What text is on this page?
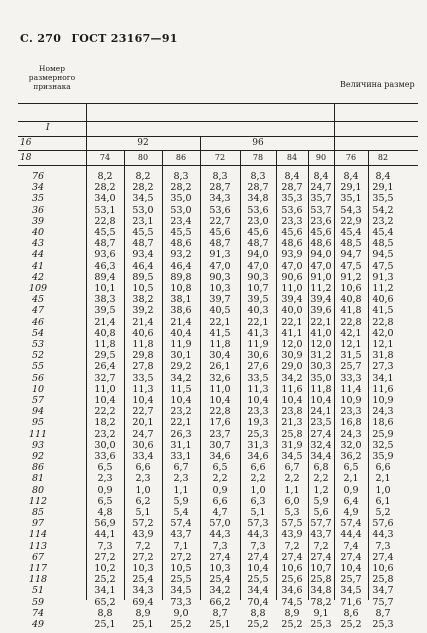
С. 270 ГОСТ 23167—91
Номер размерного признака	Величина размер
I
16
18
92	96
74	80	86	72	78	84 90 76	82
76	8,2 8,2 8,3	8,3 8,3 8,4 8,4 8,4 8,4
34	28,2 28,2 28,2 28,7 28,7 28,7 24,7 29,1 29,1
35	34,0 34,5 35,0 34,3 34,8 35,3 35,7 35,1 35,5
36	53,1 53,0 53,0 53,6 53,6 53,6 53,7 54,3 54,2
39	22,8 23,1 23,4 22,7 23,0 23,3 23,6 22,9 23,2
40	45,5 45,5 45,5 45,6 45,6 45,6 45,6 45,4 45,4
43	48,7 48,7 48,6 48,7 48,7 48,6 48,6 48,5 48,5
44	93,6 93,4 93,2 91,3 94,0 93,9 94,0 94,7 94,5
41	46,3 46,4 46,4 47,0 47,0 47,0 47,0 47,5 47,5
42	89,4 89,5 89,8 90,3 90,3 90,6 91,0 91,2 91,3
109	10,1 10,5 10,8 10,3 10,7 11,0 11,2 10,6 11,2
45	38,3 38,2 38,1 39,7 39,5 39,4 39,4 40,8 40,6
47	39,5 39,2 38,6 40,5 40,3 40,0 39,6 41,8 41,5
46	21,4 21,4 21,4 22,1 22,1 22,1 22,1 22,8 22,8
54	40,8 40,6 40,4 41,5 41,3 41,1 41,0 42,1 42,0
53	11,8 11,8 11,9 11,8 11,9 12,0 12,0 12,1 12,1
52	29,5 29,8 30,1 30,4 30,6 30,9 31,2 31,5 31,8
55	26,4 27,8 29,2 26,1 27,6 29,0 30,3 25,7 27,3
56	32,7 33,5 34,2 32,6 33,5 34,2 35,0 33,3 34,1
10	11,0 11,3 11,5 11,0 11,3 11,6 11,8 11,4 11,6
57	10,4 10,4 10,4 10,4 10,4 10,4 10,4 10,9 10,9
94	22,2 22,7 23,2 22,8 23,3 23,8 24,1 23,3 24,3
95	18,2 20,1 22,1 17,6 19,3 21,3 23,5 16,8 18,6
111	23,2 24,7 26,3 23,7 25,3 25,8 27,4 24,3 25,9
93	30,0 30,6 31,1 30,7 31,3 31,9 32,4 32,0 32,5
92	33,6 33,4 33,1 34,6 34,6 34,5 34,4 36,2 35,9
86	6,5 6,6 6,7	6,5 6,6 6,7 6,8 6,5 6,6
81	2,3 2,3 2,3	2,2 2,2 2,2 2,2 2,1 2,1
80	0,9 1,0 1,1	0,9 1,0 1,1 1,2 0,9 1,0
112	6,5 6,2 5,9	6,6 6,3 6,0 5,9 6,4 6,1
85	4,8 5,1 5,4	4,7 5,1 5,3 5,6 4,9 5,2
97	56,9 57,2 57,4 57,0 57,3 57,5 57,7 57,4 57,6
114	44,1 43,9 43,7 44,3 44,3 43,9 43,7 44,4 44,3
113	7,3 7,2 7,1	7,3 7,3 7,2 7,2 7,4 7,3
67	27,2 27,2 27,2 27,4 27,4 27,4 27,4 27,4 27,4
117	10,2 10,3 10,5 10,3 10,4 10,6 10,7 10,4 10,6
118	25,2 25,4 25,5 25,4 25,5 25,6 25,8 25,7 25,8
51	34,1 34,3 34,5 34,2 34,4 34,6 34,8 34,5 34,7
59	65,2 69,4 73,3 66,2 70,4 74,5 78,2 71,6 75,7
74	8,8 8,9 9,0	8,7 8,8 8,9 9,1 8,6 8,7
49	25,1 25,1 25,2 25,1 25,2 25,2 25,3 25,2 25,3
